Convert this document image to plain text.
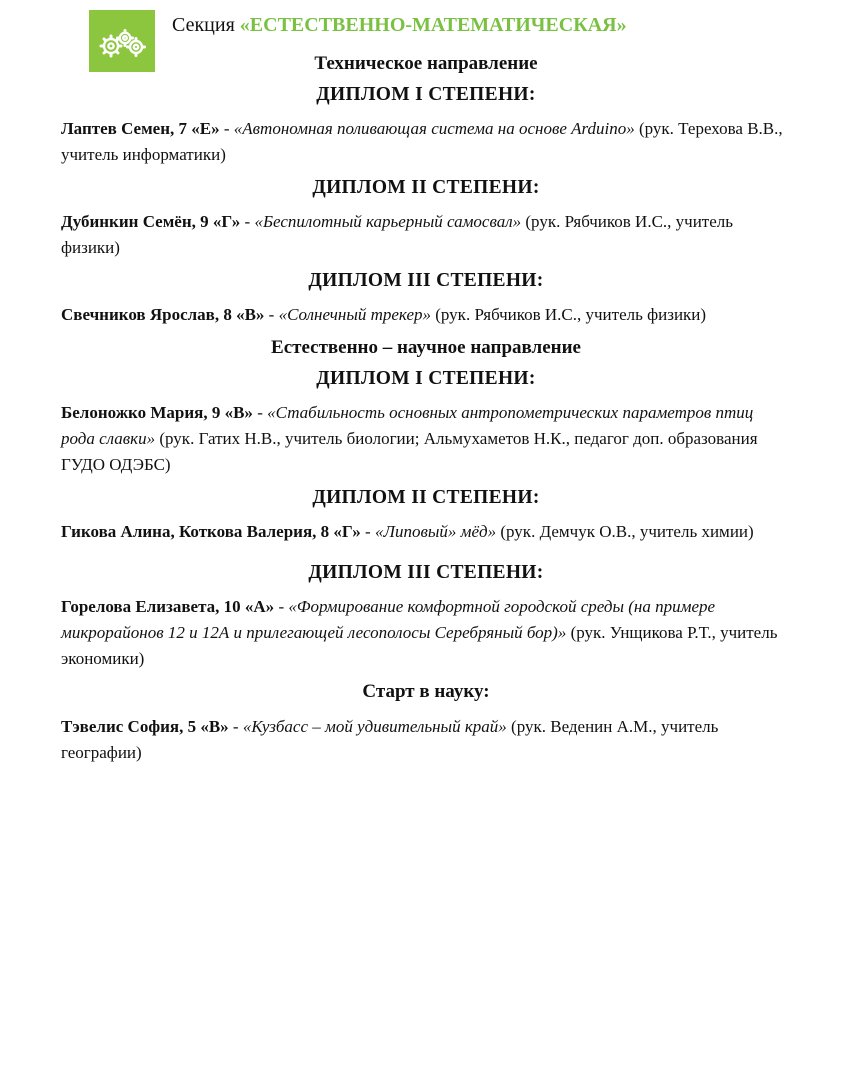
Секция «ЕСТЕСТВЕННО-МАТЕМАТИЧЕСКАЯ»

Техническое направление

ДИПЛОМ I СТЕПЕНИ:

Лаптев Семен, 7 «Е» - «Автономная поливающая система на основе Arduino» (рук. Терехова В.В., учитель информатики)

ДИПЛОМ II СТЕПЕНИ:

Дубинкин Семён, 9 «Г» - «Беспилотный карьерный самосвал» (рук. Рябчиков И.С., учитель физики)

ДИПЛОМ III СТЕПЕНИ:

Свечников Ярослав, 8 «В» - «Солнечный трекер» (рук. Рябчиков И.С., учитель физики)

Естественно – научное направление

ДИПЛОМ I СТЕПЕНИ:

Белоножко Мария, 9 «В» - «Стабильность основных антропометрических параметров птиц рода славки» (рук. Гатих Н.В., учитель биологии; Альмухаметов Н.К., педагог доп. образования ГУДО ОДЭБС)

ДИПЛОМ II СТЕПЕНИ:

Гикова Алина, Коткова Валерия, 8 «Г» - «Липовый» мёд» (рук. Демчук О.В., учитель химии)

ДИПЛОМ III СТЕПЕНИ:

Горелова Елизавета, 10 «А» - «Формирование комфортной городской среды (на примере микрорайонов 12 и 12А и прилегающей лесополосы Серебряный бор)» (рук. Унщикова Р.Т., учитель экономики)

Старт в науку:

Тэвелис София, 5 «В» - «Кузбасс – мой удивительный край» (рук. Веденин А.М., учитель географии)
